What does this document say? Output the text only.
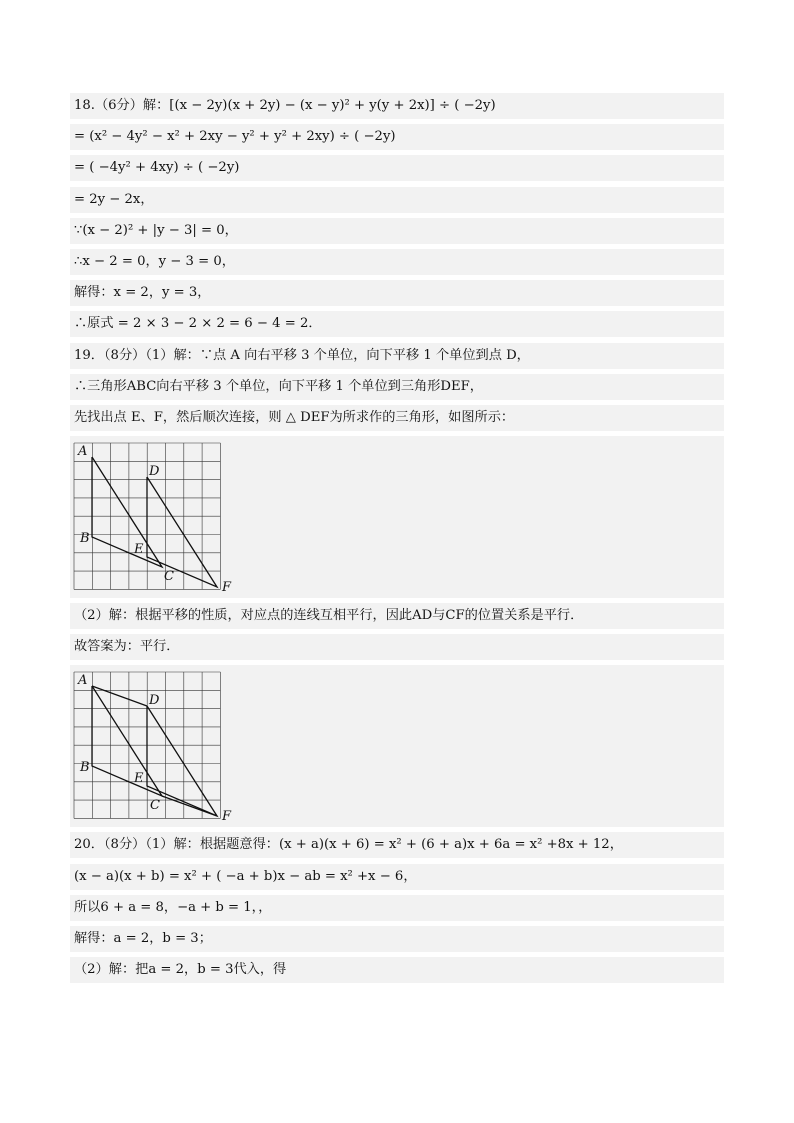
18.（6分）解：[(x − 2y)(x + 2y) − (x − y)² + y(y + 2x)] ÷ ( −2y)
= (x² − 4y² − x² + 2xy − y² + y² + 2xy) ÷ ( −2y)
= ( −4y² + 4xy) ÷ ( −2y)
= 2y − 2x，
∵(x − 2)² + |y − 3| = 0，
∴x − 2 = 0，y − 3 = 0，
解得：x = 2，y = 3，
∴原式 = 2 × 3 − 2 × 2 = 6 − 4 = 2．
19．（8分）（1）解：∵点 A 向右平移 3 个单位，向下平移 1 个单位到点 D，
∴三角形ABC向右平移 3 个单位，向下平移 1 个单位到三角形DEF，
先找出点 E、F，然后顺次连接，则 △ DEF为所求作的三角形，如图所示：
A
B
C
D
E
F
（2）解：根据平移的性质，对应点的连线互相平行，因此AD与CF的位置关系是平行．
故答案为：平行．
A
B
C
D
E
F
20．（8分）（1）解：根据题意得：(x + a)(x + 6) = x² + (6 + a)x + 6a = x² +8x + 12，
(x − a)(x + b) = x² + ( −a + b)x − ab = x² +x − 6，
所以6 + a = 8，−a + b = 1，，
解得：a = 2，b = 3；
（2）解：把a = 2，b = 3代入，得
